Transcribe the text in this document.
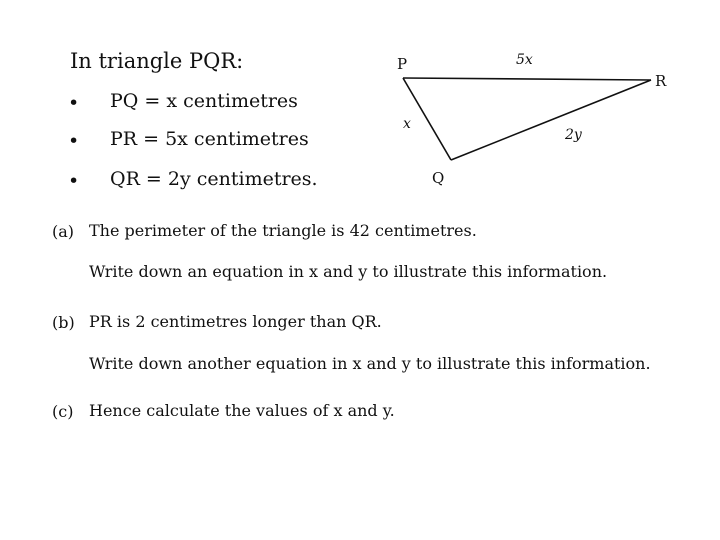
In triangle PQR:
• PQ = x centimetres
• PR = 5x centimetres
• QR = 2y centimetres.
P
Q
R
5x
x
2y
(a) The perimeter of the triangle is 42 centimetres.
Write down an equation in x and y to illustrate this information.
(b) PR is 2 centimetres longer than QR.
Write down another equation in x and y to illustrate this information.
(c) Hence calculate the values of x and y.
